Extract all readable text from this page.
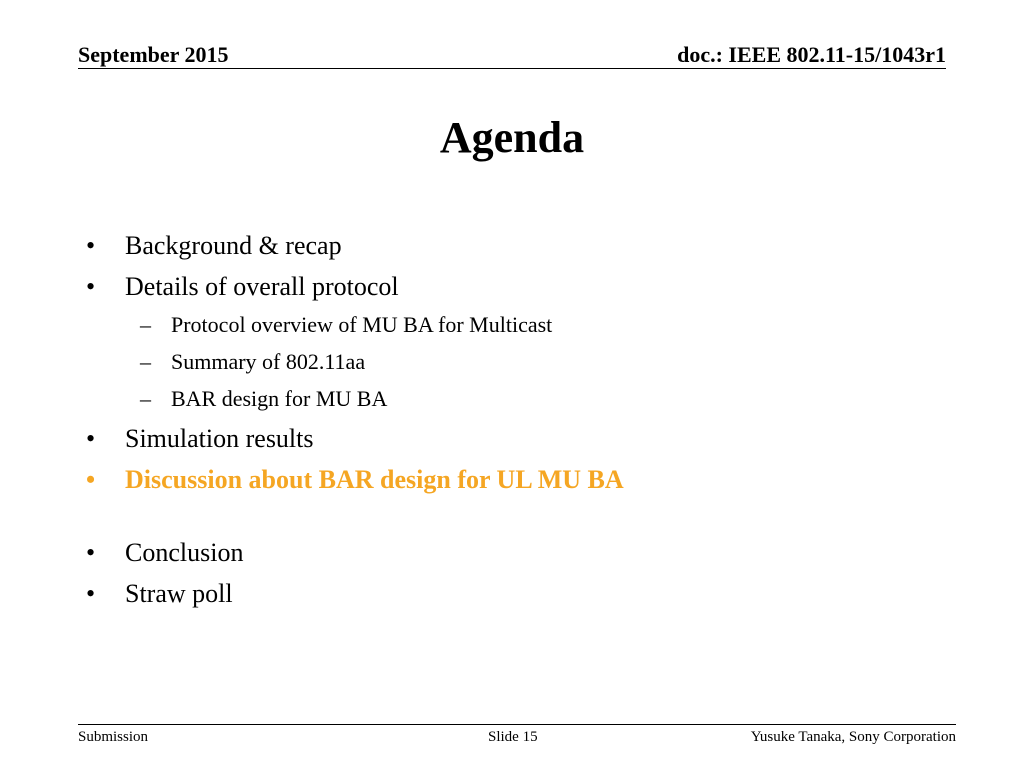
September 2015	doc.: IEEE 802.11-15/1043r1
Agenda
• Background & recap
• Details of overall protocol
– Protocol overview of MU BA for Multicast
– Summary of 802.11aa
– BAR design for MU BA
• Simulation results
• Discussion about BAR design for UL MU BA
• Conclusion
• Straw poll
Submission	Slide 15	Yusuke Tanaka, Sony Corporation
